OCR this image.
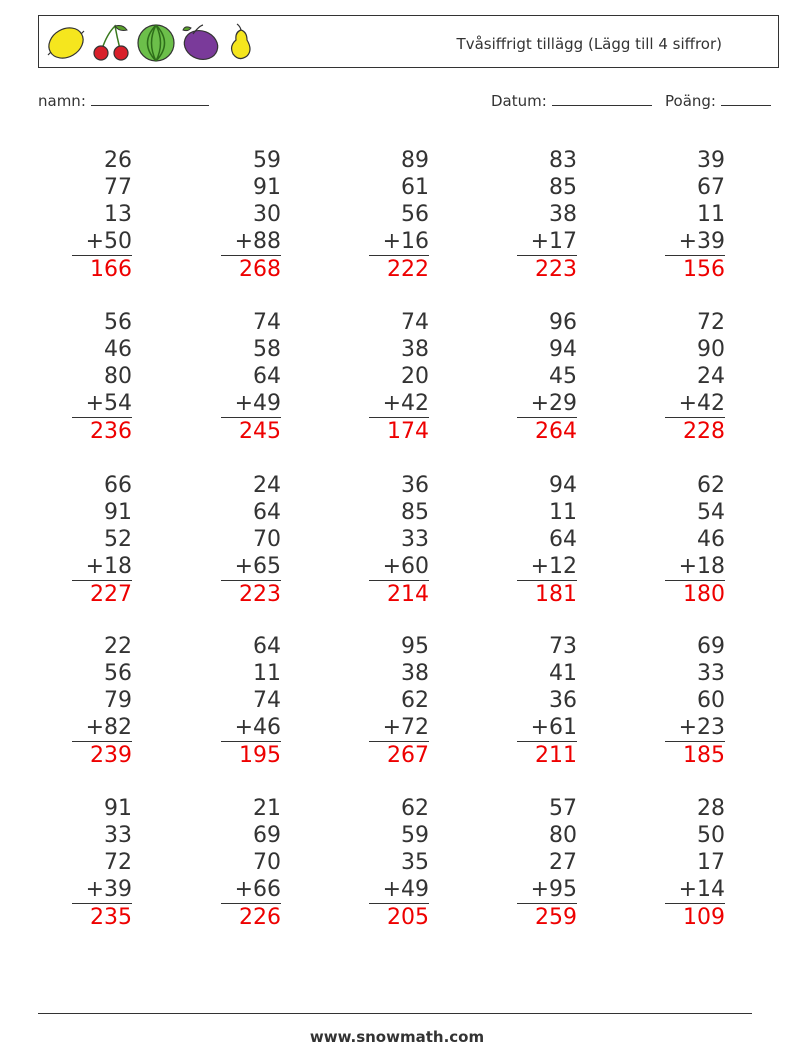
Tvåsiffrigt tillägg (Lägg till 4 siffror)
namn:	Datum:	Poäng:
26
77
13
+50
166
59
91
30
+88
268
89
61
56
+16
222
83
85
38
+17
223
39
67
11
+39
156
56
46
80
+54
236
74
58
64
+49
245
74
38
20
+42
174
96
94
45
+29
264
72
90
24
+42
228
66
91
52
+18
227
24
64
70
+65
223
36
85
33
+60
214
94
11
64
+12
181
62
54
46
+18
180
22
56
79
+82
239
64
11
74
+46
195
95
38
62
+72
267
73
41
36
+61
211
69
33
60
+23
185
91
33
72
+39
235
21
69
70
+66
226
62
59
35
+49
205
57
80
27
+95
259
28
50
17
+14
109
www.snowmath.com
